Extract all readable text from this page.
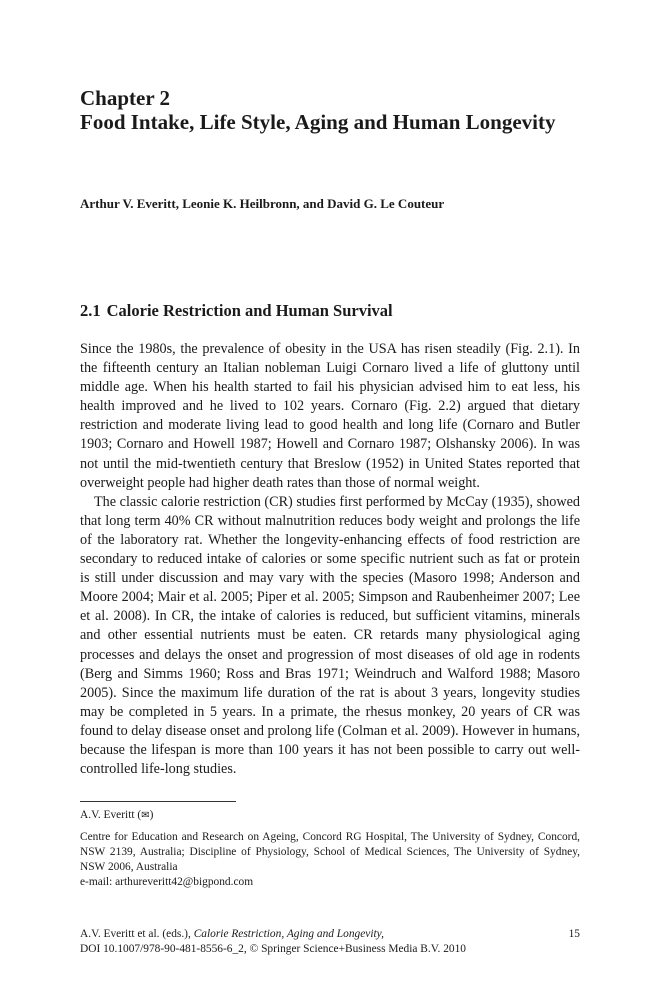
Chapter 2
Food Intake, Life Style, Aging and Human Longevity
Arthur V. Everitt, Leonie K. Heilbronn, and David G. Le Couteur
2.1 Calorie Restriction and Human Survival

Since the 1980s, the prevalence of obesity in the USA has risen steadily (Fig. 2.1). In the fifteenth century an Italian nobleman Luigi Cornaro lived a life of gluttony until middle age. When his health started to fail his physician advised him to eat less, his health improved and he lived to 102 years. Cornaro (Fig. 2.2) argued that dietary restriction and moderate living lead to good health and long life (Cornaro and Butler 1903; Cornaro and Howell 1987; Howell and Cornaro 1987; Olshansky 2006). In was not until the mid-twentieth century that Breslow (1952) in United States reported that overweight people had higher death rates than those of normal weight.

The classic calorie restriction (CR) studies first performed by McCay (1935), showed that long term 40% CR without malnutrition reduces body weight and prolongs the life of the laboratory rat. Whether the longevity-enhancing effects of food restriction are secondary to reduced intake of calories or some specific nutrient such as fat or protein is still under discussion and may vary with the species (Masoro 1998; Anderson and Moore 2004; Mair et al. 2005; Piper et al. 2005; Simpson and Raubenheimer 2007; Lee et al. 2008). In CR, the intake of calories is reduced, but sufficient vitamins, minerals and other essential nutrients must be eaten. CR retards many physiological aging processes and delays the onset and progression of most diseases of old age in rodents (Berg and Simms 1960; Ross and Bras 1971; Weindruch and Walford 1988; Masoro 2005). Since the maximum life duration of the rat is about 3 years, longevity studies may be completed in 5 years. In a primate, the rhesus monkey, 20 years of CR was found to delay disease onset and prolong life (Colman et al. 2009). However in humans, because the lifespan is more than 100 years it has not been possible to carry out well-controlled life-long studies.

A.V. Everitt (✉)

Centre for Education and Research on Ageing, Concord RG Hospital, The University of Sydney, Concord, NSW 2139, Australia; Discipline of Physiology, School of Medical Sciences, The University of Sydney, NSW 2006, Australia

e-mail: arthureveritt42@bigpond.com

A.V. Everitt et al. (eds.), Calorie Restriction, Aging and Longevity,	15
DOI 10.1007/978-90-481-8556-6_2, © Springer Science+Business Media B.V. 2010
